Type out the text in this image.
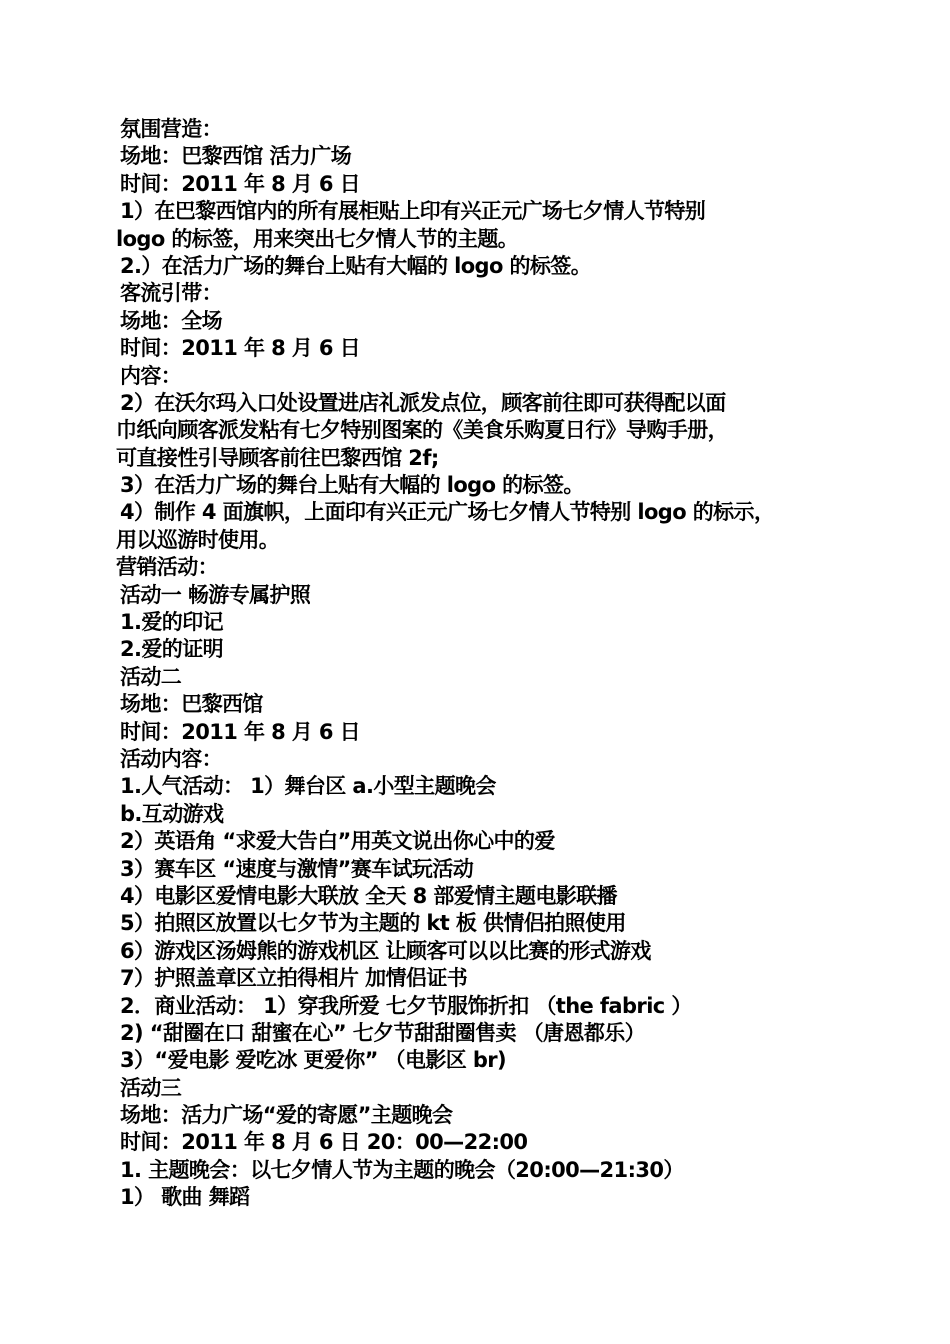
氛围营造：
场地：巴黎西馆 活力广场
时间：2011 年 8 月 6 日
1）在巴黎西馆内的所有展柜贴上印有兴正元广场七夕情人节特别
logo 的标签，用来突出七夕情人节的主题。
2.）在活力广场的舞台上贴有大幅的 logo 的标签。
客流引带：
场地：全场
时间：2011 年 8 月 6 日
内容：
2）在沃尔玛入口处设置进店礼派发点位，顾客前往即可获得配以面
巾纸向顾客派发粘有七夕特别图案的《美食乐购夏日行》导购手册，
可直接性引导顾客前往巴黎西馆 2f;
3）在活力广场的舞台上贴有大幅的 logo 的标签。
4）制作 4 面旗帜，上面印有兴正元广场七夕情人节特别 logo 的标示，
用以巡游时使用。
营销活动：
活动一 畅游专属护照
1.爱的印记
2.爱的证明
活动二
场地：巴黎西馆
时间：2011 年 8 月 6 日
活动内容：
1.人气活动： 1）舞台区 a.小型主题晚会
b.互动游戏
2）英语角 “求爱大告白”用英文说出你心中的爱
3）赛车区 “速度与激情”赛车试玩活动
4）电影区爱情电影大联放 全天 8 部爱情主题电影联播
5）拍照区放置以七夕节为主题的 kt 板 供情侣拍照使用
6）游戏区汤姆熊的游戏机区 让顾客可以以比赛的形式游戏
7）护照盖章区立拍得相片 加情侣证书
2．商业活动： 1）穿我所爱 七夕节服饰折扣 （the fabric ）
2) “甜圈在口 甜蜜在心” 七夕节甜甜圈售卖 （唐恩都乐）
3）“爱电影 爱吃冰 更爱你” （电影区 br)
活动三
场地：活力广场“爱的寄愿”主题晚会
时间：2011 年 8 月 6 日 20：00—22:00
1. 主题晚会：以七夕情人节为主题的晚会（20:00—21:30）
1） 歌曲 舞蹈
